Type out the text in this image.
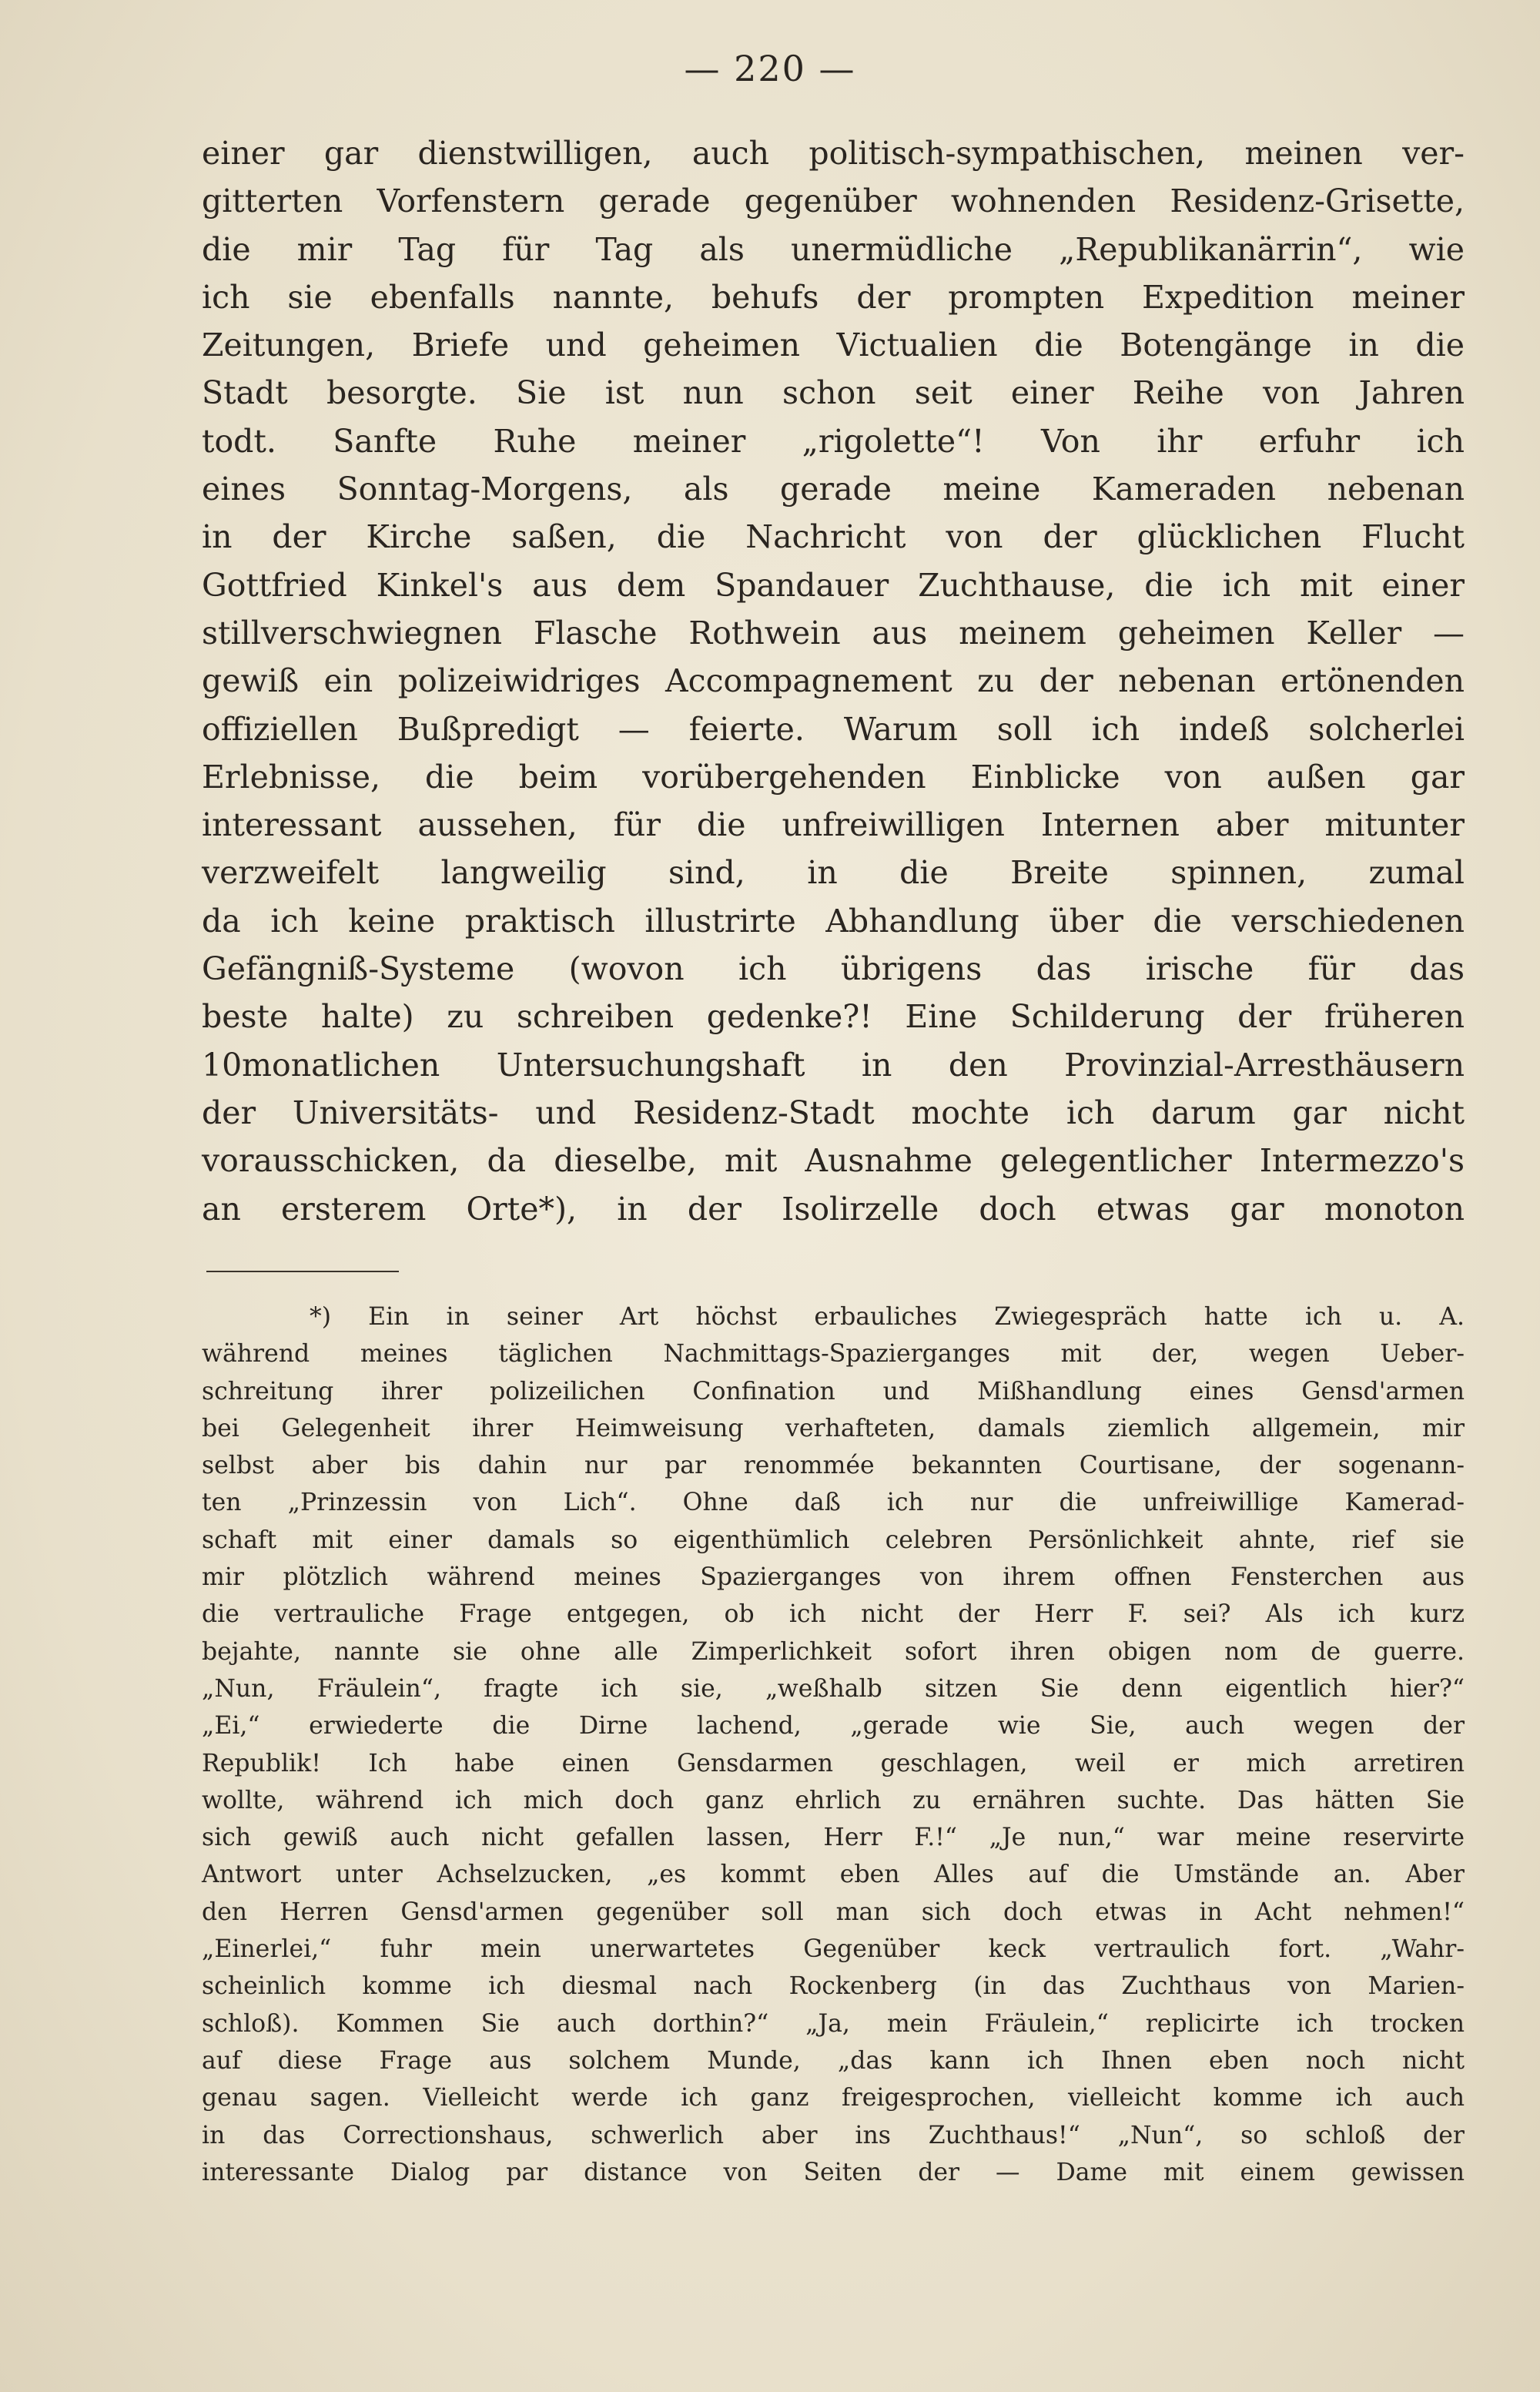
— 220 —
einer gar dienstwilligen, auch politisch-sympathischen, meinen ver-
gitterten Vorfenstern gerade gegenüber wohnenden Residenz-Grisette,
die mir Tag für Tag als unermüdliche „Republikanärrin“, wie
ich sie ebenfalls nannte, behufs der prompten Expedition meiner
Zeitungen, Briefe und geheimen Victualien die Botengänge in die
Stadt besorgte. Sie ist nun schon seit einer Reihe von Jahren
todt. Sanfte Ruhe meiner „rigolette“! Von ihr erfuhr ich
eines Sonntag-Morgens, als gerade meine Kameraden nebenan
in der Kirche saßen, die Nachricht von der glücklichen Flucht
Gottfried Kinkel's aus dem Spandauer Zuchthause, die ich mit einer
stillverschwiegnen Flasche Rothwein aus meinem geheimen Keller —
gewiß ein polizeiwidriges Accompagnement zu der nebenan ertönenden
offiziellen Bußpredigt — feierte. Warum soll ich indeß solcherlei
Erlebnisse, die beim vorübergehenden Einblicke von außen gar
interessant aussehen, für die unfreiwilligen Internen aber mitunter
verzweifelt langweilig sind, in die Breite spinnen, zumal
da ich keine praktisch illustrirte Abhandlung über die verschiedenen
Gefängniß-Systeme (wovon ich übrigens das irische für das
beste halte) zu schreiben gedenke?! Eine Schilderung der früheren
10monatlichen Untersuchungshaft in den Provinzial-Arresthäusern
der Universitäts- und Residenz-Stadt mochte ich darum gar nicht
vorausschicken, da dieselbe, mit Ausnahme gelegentlicher Intermezzo's
an ersterem Orte*), in der Isolirzelle doch etwas gar monoton
*) Ein in seiner Art höchst erbauliches Zwiegespräch hatte ich u. A.
während meines täglichen Nachmittags-Spazierganges mit der, wegen Ueber-
schreitung ihrer polizeilichen Confination und Mißhandlung eines Gensd'armen
bei Gelegenheit ihrer Heimweisung verhafteten, damals ziemlich allgemein, mir
selbst aber bis dahin nur par renommée bekannten Courtisane, der sogenann-
ten „Prinzessin von Lich“. Ohne daß ich nur die unfreiwillige Kamerad-
schaft mit einer damals so eigenthümlich celebren Persönlichkeit ahnte, rief sie
mir plötzlich während meines Spazierganges von ihrem offnen Fensterchen aus
die vertrauliche Frage entgegen, ob ich nicht der Herr F. sei? Als ich kurz
bejahte, nannte sie ohne alle Zimperlichkeit sofort ihren obigen nom de guerre.
„Nun, Fräulein“, fragte ich sie, „weßhalb sitzen Sie denn eigentlich hier?“
„Ei,“ erwiederte die Dirne lachend, „gerade wie Sie, auch wegen der
Republik! Ich habe einen Gensdarmen geschlagen, weil er mich arretiren
wollte, während ich mich doch ganz ehrlich zu ernähren suchte. Das hätten Sie
sich gewiß auch nicht gefallen lassen, Herr F.!“ „Je nun,“ war meine reservirte
Antwort unter Achselzucken, „es kommt eben Alles auf die Umstände an. Aber
den Herren Gensd'armen gegenüber soll man sich doch etwas in Acht nehmen!“
„Einerlei,“ fuhr mein unerwartetes Gegenüber keck vertraulich fort. „Wahr-
scheinlich komme ich diesmal nach Rockenberg (in das Zuchthaus von Marien-
schloß). Kommen Sie auch dorthin?“ „Ja, mein Fräulein,“ replicirte ich trocken
auf diese Frage aus solchem Munde, „das kann ich Ihnen eben noch nicht
genau sagen. Vielleicht werde ich ganz freigesprochen, vielleicht komme ich auch
in das Correctionshaus, schwerlich aber ins Zuchthaus!“ „Nun“, so schloß der
interessante Dialog par distance von Seiten der — Dame mit einem gewissen
